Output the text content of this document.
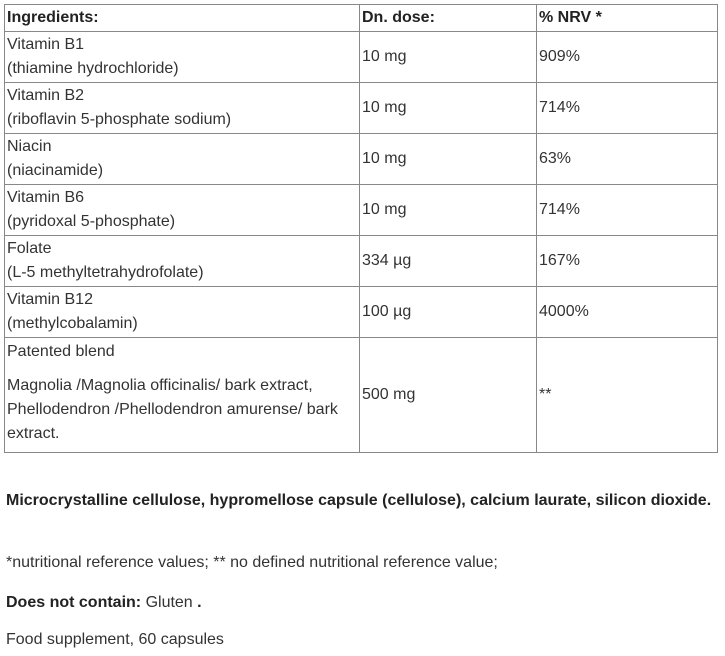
Ingredients:	Dn. dose:	% NRV *

Vitamin B1
(thiamine hydrochloride)	10 mg	909%

Vitamin B2
(riboflavin 5-phosphate sodium)	10 mg	714%

Niacin
(niacinamide)	10 mg	63%

Vitamin B6
(pyridoxal 5-phosphate)	10 mg	714%

Folate
(L-5 methyltetrahydrofolate)	334 µg	167%

Vitamin B12
(methylcobalamin)	100 µg	4000%

Patented blend
Magnolia /Magnolia officinalis/ bark extract, Phellodendron /Phellodendron amurense/ bark extract.	500 mg	**
Microcrystalline cellulose, hypromellose capsule (cellulose), calcium laurate, silicon dioxide.
*nutritional reference values; ** no defined nutritional reference value;
Does not contain: Gluten .
Food supplement, 60 capsules
